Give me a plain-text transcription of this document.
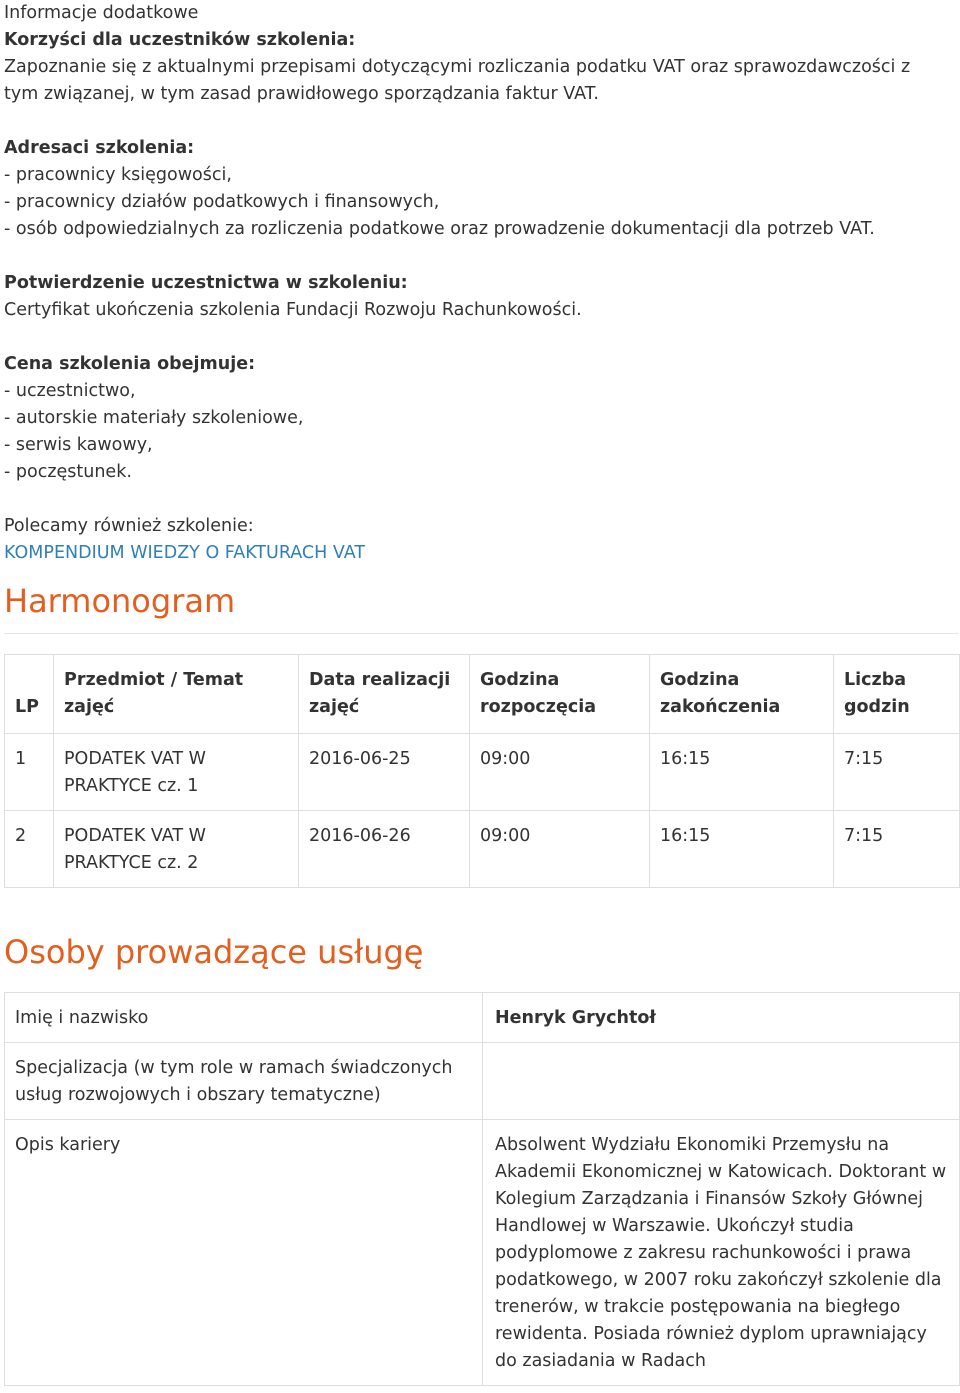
Informacje dodatkowe
Korzyści dla uczestników szkolenia:
Zapoznanie się z aktualnymi przepisami dotyczącymi rozliczania podatku VAT oraz sprawozdawczości z
tym związanej, w tym zasad prawidłowego sporządzania faktur VAT.
Adresaci szkolenia:
- pracownicy księgowości,
- pracownicy działów podatkowych i finansowych,
- osób odpowiedzialnych za rozliczenia podatkowe oraz prowadzenie dokumentacji dla potrzeb VAT.
Potwierdzenie uczestnictwa w szkoleniu:
Certyfikat ukończenia szkolenia Fundacji Rozwoju Rachunkowości.
Cena szkolenia obejmuje:
- uczestnictwo,
- autorskie materiały szkoleniowe,
- serwis kawowy,
- poczęstunek.
Polecamy również szkolenie:
KOMPENDIUM WIEDZY O FAKTURACH VAT
Harmonogram
LP	Przedmiot / Temat zajęć	Data realizacji zajęć	Godzina rozpoczęcia	Godzina zakończenia	Liczba godzin
1	PODATEK VAT W PRAKTYCE cz. 1	2016-06-25	09:00	16:15	7:15
2	PODATEK VAT W PRAKTYCE cz. 2	2016-06-26	09:00	16:15	7:15
Osoby prowadzące usługę
Imię i nazwisko	Henryk Grychtoł
Specjalizacja (w tym role w ramach świadczonych usług rozwojowych i obszary tematyczne)	
Opis kariery	Absolwent Wydziału Ekonomiki Przemysłu na Akademii Ekonomicznej w Katowicach. Doktorant w Kolegium Zarządzania i Finansów Szkoły Głównej Handlowej w Warszawie. Ukończył studia podyplomowe z zakresu rachunkowości i prawa podatkowego, w 2007 roku zakończył szkolenie dla trenerów, w trakcie postępowania na biegłego rewidenta. Posiada również dyplom uprawniający do zasiadania w Radach
